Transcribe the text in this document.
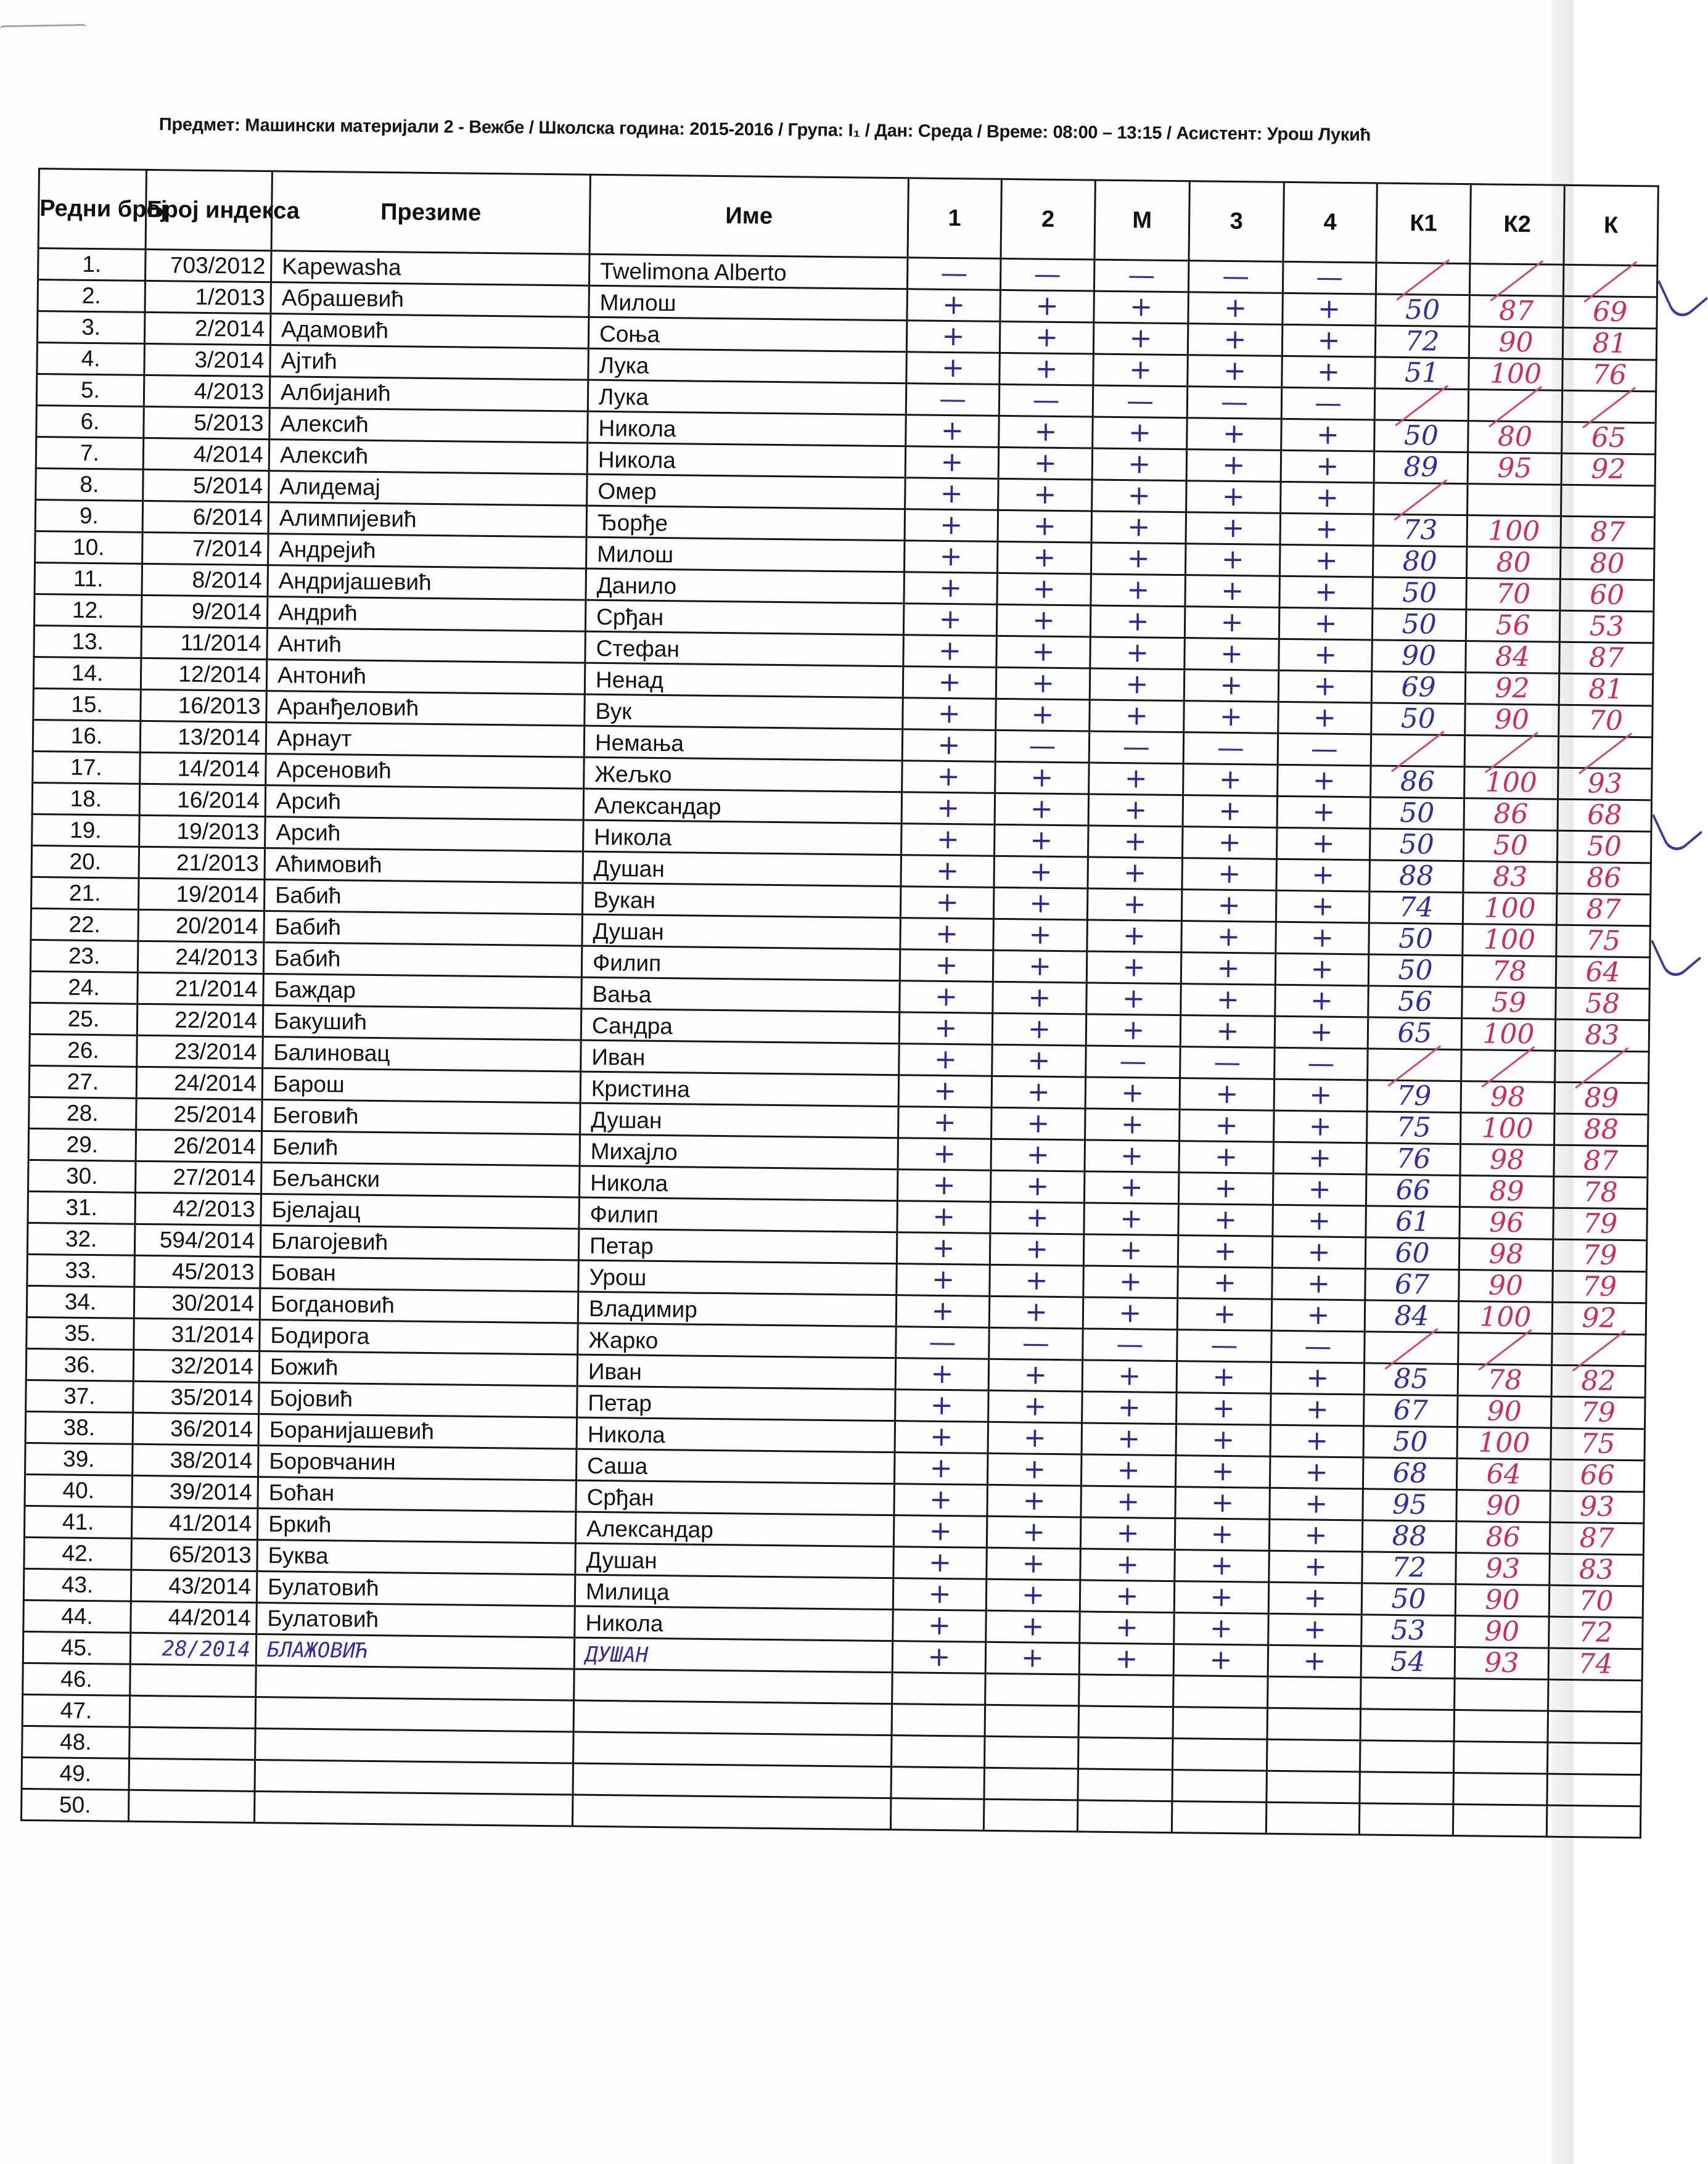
Предмет: Машински материјали 2 - Вежбе / Школска година: 2015-2016 / Група: I₁ / Дан: Среда / Време: 08:00 – 13:15 / Асистент: Урош Лукић
Редни број	Број индекса	Презиме	Име	1	2	М	3	4	К1	К2	К
1.	703/2012	Kapewasha	Twelimona Alberto	—	—	—	—	—			
2.	1/2013	Абрашевић	Милош	+	+	+	+	+	50	87	69
3.	2/2014	Адамовић	Соња	+	+	+	+	+	72	90	81
4.	3/2014	Ајтић	Лука	+	+	+	+	+	51	100	76
5.	4/2013	Албијанић	Лука	—	—	—	—	—			
6.	5/2013	Алексић	Никола	+	+	+	+	+	50	80	65
7.	4/2014	Алексић	Никола	+	+	+	+	+	89	95	92
8.	5/2014	Алидемај	Омер	+	+	+	+	+			
9.	6/2014	Алимпијевић	Ђорђе	+	+	+	+	+	73	100	87
10.	7/2014	Андрејић	Милош	+	+	+	+	+	80	80	80
11.	8/2014	Андријашевић	Данило	+	+	+	+	+	50	70	60
12.	9/2014	Андрић	Срђан	+	+	+	+	+	50	56	53
13.	11/2014	Антић	Стефан	+	+	+	+	+	90	84	87
14.	12/2014	Антонић	Ненад	+	+	+	+	+	69	92	81
15.	16/2013	Аранђеловић	Вук	+	+	+	+	+	50	90	70
16.	13/2014	Арнаут	Немања	+	—	—	—	—			
17.	14/2014	Арсеновић	Жељко	+	+	+	+	+	86	100	93
18.	16/2014	Арсић	Александар	+	+	+	+	+	50	86	68
19.	19/2013	Арсић	Никола	+	+	+	+	+	50	50	50
20.	21/2013	Аћимовић	Душан	+	+	+	+	+	88	83	86
21.	19/2014	Бабић	Вукан	+	+	+	+	+	74	100	87
22.	20/2014	Бабић	Душан	+	+	+	+	+	50	100	75
23.	24/2013	Бабић	Филип	+	+	+	+	+	50	78	64
24.	21/2014	Баждар	Вања	+	+	+	+	+	56	59	58
25.	22/2014	Бакушић	Сандра	+	+	+	+	+	65	100	83
26.	23/2014	Балиновац	Иван	+	+	—	—	—			
27.	24/2014	Барош	Кристина	+	+	+	+	+	79	98	89
28.	25/2014	Беговић	Душан	+	+	+	+	+	75	100	88
29.	26/2014	Белић	Михајло	+	+	+	+	+	76	98	87
30.	27/2014	Бељански	Никола	+	+	+	+	+	66	89	78
31.	42/2013	Бјелајац	Филип	+	+	+	+	+	61	96	79
32.	594/2014	Благојевић	Петар	+	+	+	+	+	60	98	79
33.	45/2013	Бован	Урош	+	+	+	+	+	67	90	79
34.	30/2014	Богдановић	Владимир	+	+	+	+	+	84	100	92
35.	31/2014	Бодирога	Жарко	—	—	—	—	—			
36.	32/2014	Божић	Иван	+	+	+	+	+	85	78	82
37.	35/2014	Бојовић	Петар	+	+	+	+	+	67	90	79
38.	36/2014	Боранијашевић	Никола	+	+	+	+	+	50	100	75
39.	38/2014	Боровчанин	Саша	+	+	+	+	+	68	64	66
40.	39/2014	Бoћан	Срђан	+	+	+	+	+	95	90	93
41.	41/2014	Бркић	Александар	+	+	+	+	+	88	86	87
42.	65/2013	Буква	Душан	+	+	+	+	+	72	93	83
43.	43/2014	Булатовић	Милица	+	+	+	+	+	50	90	70
44.	44/2014	Булатовић	Никола	+	+	+	+	+	53	90	72
45.	28/2014	БЛАЖОВИЋ	ДУШАН	+	+	+	+	+	54	93	74
46.											
47.											
48.											
49.											
50.											
